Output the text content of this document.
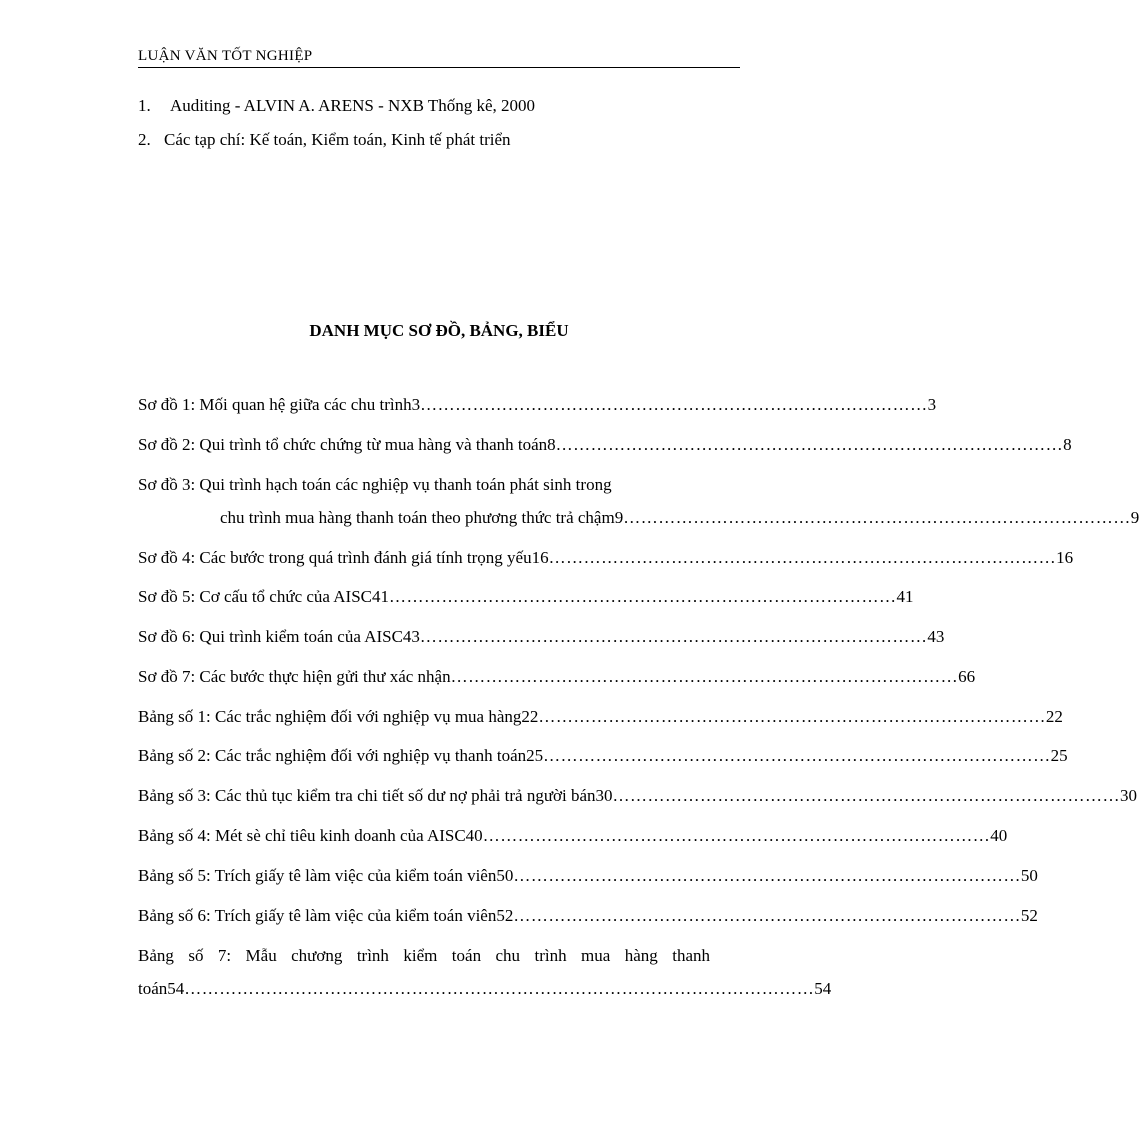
LUẬN VĂN TỐT NGHIỆP
1. Auditing - ALVIN A. ARENS - NXB Thống kê, 2000
2. Các tạp chí: Kế toán, Kiểm toán, Kinh tế phát triển
DANH MỤC SƠ ĐỒ, BẢNG, BIỂU
Sơ đồ 1: Mối quan hệ giữa các chu trình3 …………………………………………………………………………… 3
Sơ đồ 2: Qui trình tổ chức chứng từ mua hàng và thanh toán8 …………………………………………………………………………… 8
Sơ đồ 3: Qui trình hạch toán các nghiệp vụ thanh toán phát sinh trong
chu trình mua hàng thanh toán theo phương thức trả chậm9 …………………………………………………………………………… 9
Sơ đồ 4: Các bước trong quá trình đánh giá tính trọng yếu16 …………………………………………………………………………… 16
Sơ đồ 5: Cơ cấu tổ chức của AISC41 …………………………………………………………………………… 41
Sơ đồ 6: Qui trình kiểm toán của AISC43 …………………………………………………………………………… 43
Sơ đồ 7: Các bước thực hiện gửi thư xác nhận …………………………………………………………………………… 66
Bảng số 1: Các trắc nghiệm đối với nghiệp vụ mua hàng22 …………………………………………………………………………… 22
Bảng số 2: Các trắc nghiệm đối với nghiệp vụ thanh toán25 …………………………………………………………………………… 25
Bảng số 3: Các thủ tục kiểm tra chi tiết số dư nợ phải trả người bán30 …………………………………………………………………………… 30
Bảng số 4: Mét sè chỉ tiêu kinh doanh của AISC40 …………………………………………………………………………… 40
Bảng số 5: Trích giấy tê làm việc của kiểm toán viên50 …………………………………………………………………………… 50
Bảng số 6: Trích giấy tê làm việc của kiểm toán viên52 …………………………………………………………………………… 52
Bảng số 7: Mẫu chương trình kiểm toán chu trình mua hàng thanh
toán54 ……………………………………………………………………………………………… 54
